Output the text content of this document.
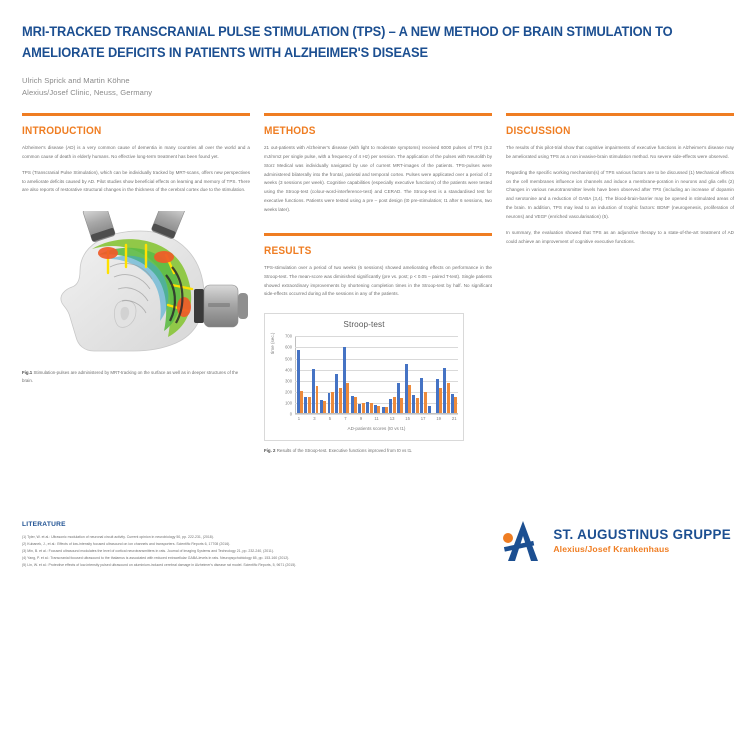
MRI-TRACKED TRANSCRANIAL PULSE STIMULATION (TPS) – A NEW METHOD OF BRAIN STIMULATION TO AMELIORATE DEFICITS IN PATIENTS WITH ALZHEIMER'S DISEASE
Ulrich Sprick and Martin Köhne
Alexius/Josef Clinic, Neuss, Germany
INTRODUCTION

Alzheimer's disease (AD) is a very common cause of dementia in many countries all over the world and a common cause of death in elderly humans. No effective long-term treatment has been found yet.

TPS (Transcranial Pulse Stimulation), which can be individually tracked by MRT-scans, offers new perspectives to ameliorate deficits caused by AD. Pilot studies show beneficial effects on learning and memory of TPS. There are also reports of restorative structural changes in the thickness of the cerebral cortex due to the stimulation.

Fig.1 Stimulation-pulses are administered by MRT-tracking on the surface as well as in deeper structures of the brain.
METHODS

21 out-patients with Alzheimer's disease (with light to moderate symptoms) received 6000 pulses of TPS (0.2 mJ/mm2 per single pulse, with a frequency of 4 Hz) per session. The application of the pulses with Neurolith by Storz Medical was individually navigated by use of current MRT-images of the patients. TPS-pulses were administered bilaterally into the frontal, parietal and temporal cortex. Pulses were applicated over a period of 2 weeks (3 sessions per week). Cognitive capabilities (especially executive functions) of the patients were tested using the Stroop-test (colour-word-interference-test) and CERAD. The Stroop-test is a standardised test for executive functions. Patients were tested using a pre – post design (t0 pre-stimulation; t1 after 6 sessions, two weeks later).

RESULTS

TPS-stimulation over a period of two weeks (6 sessions) showed ameliorating effects on performance in the Stroop-test. The mean-score was diminished significantly (pre vs. post; p < 0.05 – paired T-test). Single patients showed extraordinary improvements by shortening completion times in the Stroop-test by half. No significant side-effects occurred during all the sessions in any of the patients.

Stroop-test
time (sec.)
0
100
200
300
400
500
600
700
1	3	5	7	9	11	13	15	17	19	21
AD-patients scores (t0 vs t1)
Fig. 2 Results of the Stroop-test. Executive functions improved from t0 vs t1.
DISCUSSION

The results of this pilot-trial show that cognitive impairments of executive functions in Alzheimer's disease may be ameliorated using TPS as a non invasive-brain stimulation method. No severe side-effects were observed.

Regarding the specific working mechanism(s) of TPS various factors are to be discussed (1) Mechanical effects on the cell membranes influence ion channels and induce a membrane-poration in neurons and glia cells (2) Changes in various neurotransmitter levels have been observed after TPS (including an increase of dopamin and serotonine and a reduction of GABA (3,4). The blood-brain-barrier may be opened in stimulated areas of the brain. In addition, TPS may lead to an induction of trophic factors: BDNF (neurogenesis, proliferation of neurons) and VEGF (enriched vascularisation) (5).

In summary, the evaluation showed that TPS as an adjunctive therapy to a state-of-the-art treatment of AD could achieve an improvement of cognitive executive functions.

LITERATURE
(1) Tyler, W. et al.: Ultrasonic modulation of neuronal circuit activity. Current opinion in neurobiology 50, pp. 222-231, (2018).
(2) Kubanek, J., et al.: Effects of low-intensity focused ultrasound on ion channels and transporters. Scientific Reports 6, 17708 (2016).
(3) Min, B. et al.: Focused ultrasound modulates the level of cortical neurotransmitters in rats. Journal of Imaging Systems and Technology 21, pp. 232-240, (2011).
(4) Yang, P. et al.: Transcranial focused ultrasound to the thalamus is associated with reduced extracellular GABA-levels in rats. Neuropsychobiology 65, pp. 153-160 (2012).
(5) Lin, W. et al.: Protective effects of low-intensity pulsed ultrasound on aluminium-induced cerebral damage in Alzheimer's disease rat model. Scientific Reports, 5, 9671 (2015).
ST. AUGUSTINUS GRUPPE
Alexius/Josef Krankenhaus
